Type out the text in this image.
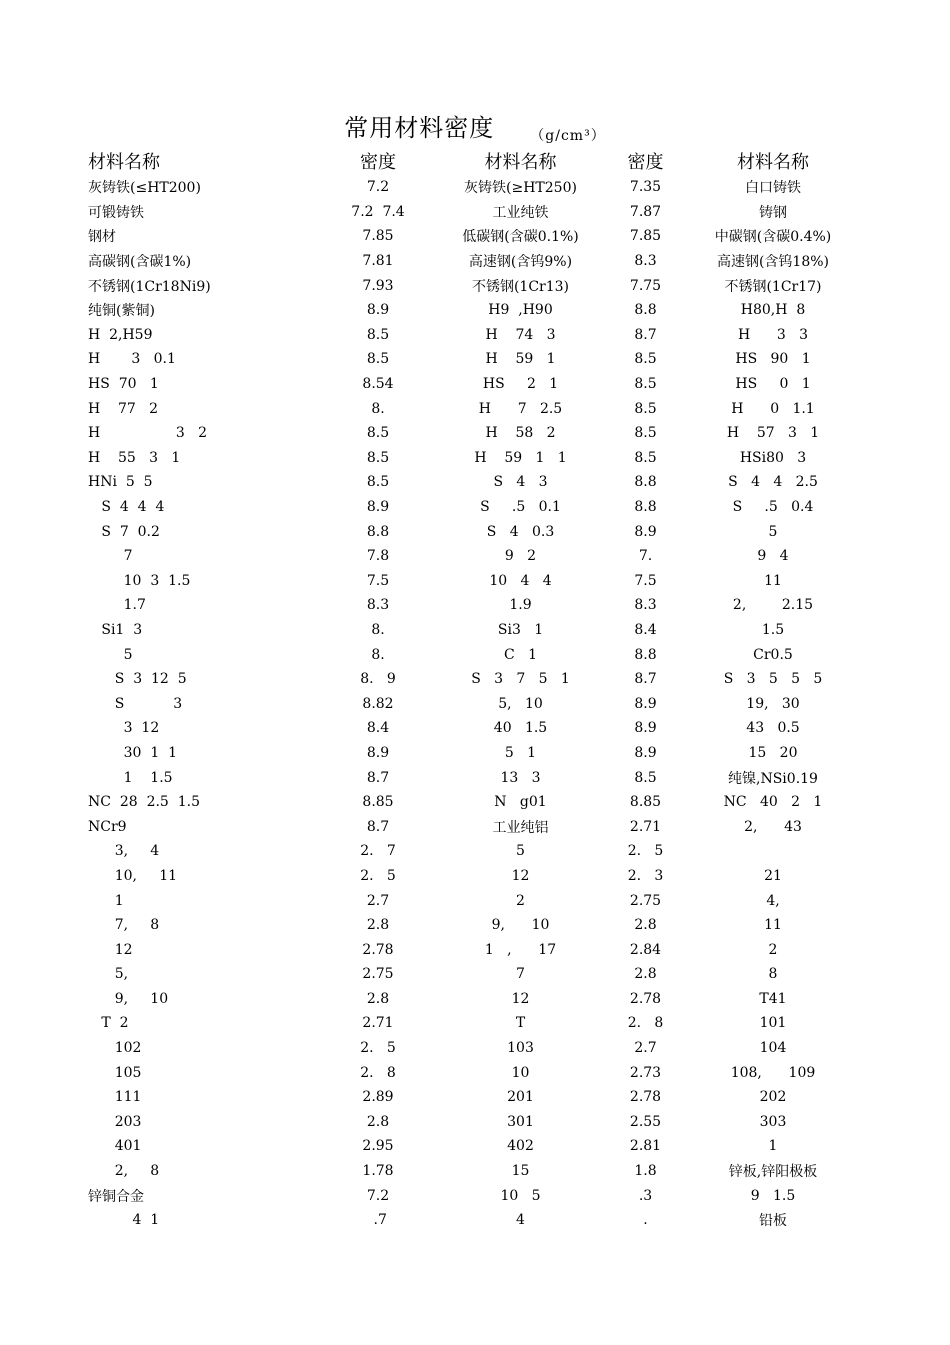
常用材料密度	（g/cm³）
材料名称	密度	材料名称	密度	材料名称
灰铸铁(≤HT200)	7.2	灰铸铁(≥HT250)	7.35	白口铸铁
可锻铸铁	7.2  7.4	工业纯铁	7.87	铸钢
钢材	7.85	低碳钢(含碳0.1%)	7.85	中碳钢(含碳0.4%)
高碳钢(含碳1%)	7.81	高速钢(含钨9%)	8.3	高速钢(含钨18%)
不锈钢(1Cr18Ni9)	7.93	不锈钢(1Cr13)	7.75	不锈钢(1Cr17)
纯铜(紫铜)	8.9	H9  ,H90	8.8	H80,H  8
H  2,H59	8.5	H    74   3	8.7	H      3   3
H       3   0.1	8.5	H    59   1	8.5	HS   90   1
HS  70   1	8.54	HS     2   1	8.5	HS     0   1
H    77   2	8.	H      7   2.5	8.5	H      0   1.1
H                 3   2	8.5	H    58   2	8.5	H    57   3   1
H    55   3   1	8.5	H    59   1   1	8.5	HSi80   3
HNi  5  5	8.5	S   4   3	8.8	S   4   4   2.5
S  4  4  4	8.9	S     .5   0.1	8.8	S     .5   0.4
S  7  0.2	8.8	S   4   0.3	8.9	5
7	7.8	9   2	7.	9   4
10  3  1.5	7.5	10   4   4	7.5	11
1.7	8.3	1.9	8.3	2,        2.15
Si1  3	8.	Si3   1	8.4	1.5
5	8.	C   1	8.8	Cr0.5
S  3  12  5	8.   9	S   3   7   5   1	8.7	S   3   5   5   5
S           3	8.82	5,   10	8.9	19,   30
3  12	8.4	40   1.5	8.9	43   0.5
30  1  1	8.9	5   1	8.9	15   20
1    1.5	8.7	13   3	8.5	纯镍,NSi0.19
NC  28  2.5  1.5	8.85	N   g01	8.85	NC   40   2   1
NCr9	8.7	工业纯铝	2.71	2,      43
3,     4	2.   7	5	2.   5	
10,     11	2.   5	12	2.   3	21
1	2.7	2	2.75	4,
7,     8	2.8	9,      10	2.8	11
12	2.78	1   ,      17	2.84	2
5,	2.75	7	2.8	8
9,     10	2.8	12	2.78	T41
T  2	2.71	T	2.   8	101
102	2.   5	103	2.7	104
105	2.   8	10	2.73	108,      109
111	2.89	201	2.78	202
203	2.8	301	2.55	303
401	2.95	402	2.81	1
2,     8	1.78	15	1.8	锌板,锌阳极板
锌铜合金	7.2	10   5	.3	9   1.5
4  1	.7	4	.	铅板
